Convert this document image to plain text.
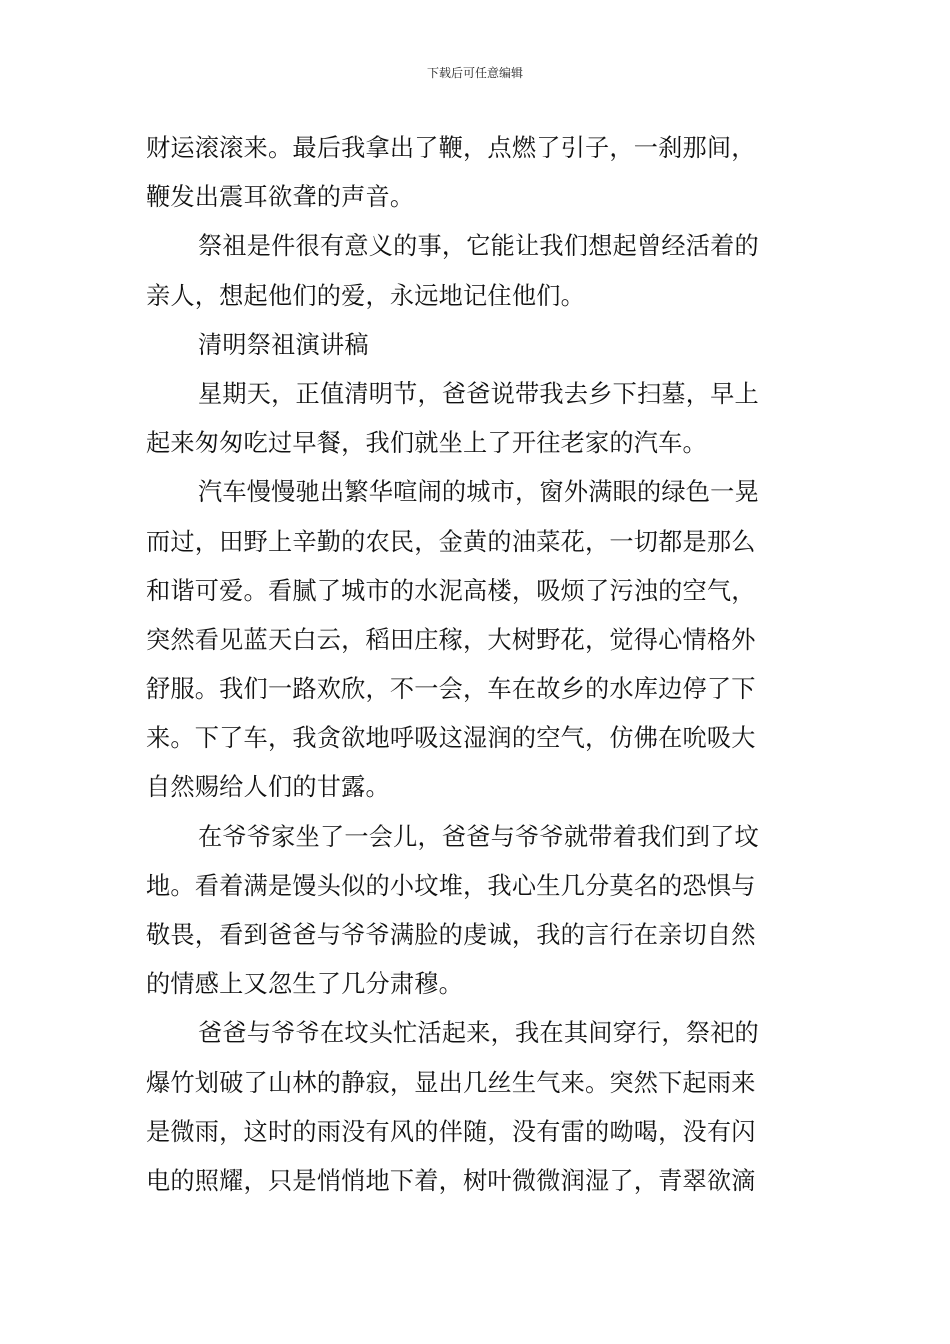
下载后可任意编辑
财运滚滚来。最后我拿出了鞭，点燃了引子，一刹那间，
鞭发出震耳欲聋的声音。
祭祖是件很有意义的事，它能让我们想起曾经活着的
亲人，想起他们的爱，永远地记住他们。
清明祭祖演讲稿
星期天，正值清明节，爸爸说带我去乡下扫墓，早上
起来匆匆吃过早餐，我们就坐上了开往老家的汽车。
汽车慢慢驰出繁华喧闹的城市，窗外满眼的绿色一晃
而过，田野上辛勤的农民，金黄的油菜花，一切都是那么
和谐可爱。看腻了城市的水泥高楼，吸烦了污浊的空气，
突然看见蓝天白云，稻田庄稼，大树野花，觉得心情格外
舒服。我们一路欢欣，不一会，车在故乡的水库边停了下
来。下了车，我贪欲地呼吸这湿润的空气，仿佛在吮吸大
自然赐给人们的甘露。
在爷爷家坐了一会儿，爸爸与爷爷就带着我们到了坟
地。看着满是馒头似的小坟堆，我心生几分莫名的恐惧与
敬畏，看到爸爸与爷爷满脸的虔诚，我的言行在亲切自然
的情感上又忽生了几分肃穆。
爸爸与爷爷在坟头忙活起来，我在其间穿行，祭祀的
爆竹划破了山林的静寂，显出几丝生气来。突然下起雨来
是微雨，这时的雨没有风的伴随，没有雷的呦喝，没有闪
电的照耀，只是悄悄地下着，树叶微微润湿了，青翠欲滴
